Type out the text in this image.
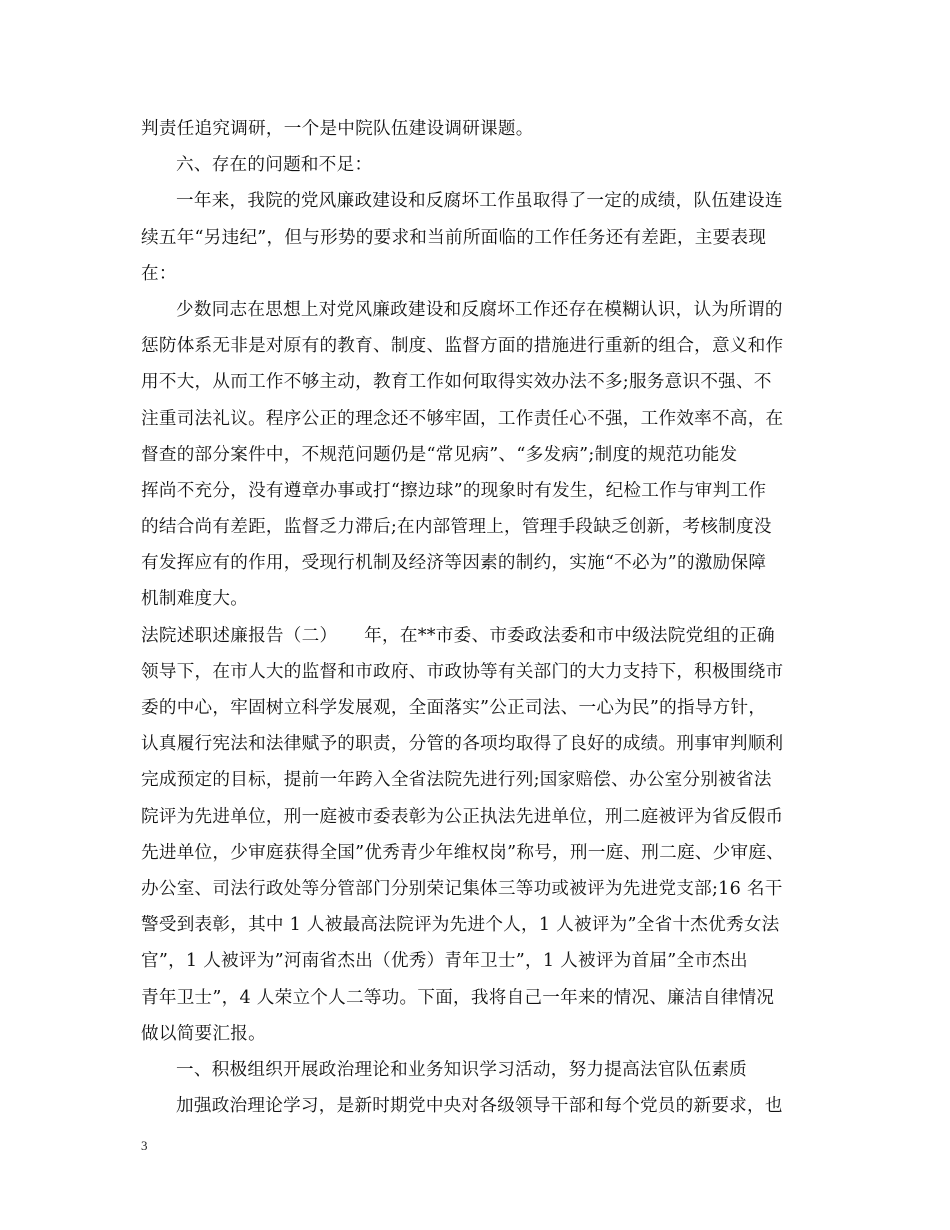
判责任追究调研，一个是中院队伍建设调研课题。
六、存在的问题和不足：
一年来，我院的党风廉政建设和反腐坏工作虽取得了一定的成绩，队伍建设连
续五年“另违纪”，但与形势的要求和当前所面临的工作任务还有差距，主要表现
在：
少数同志在思想上对党风廉政建设和反腐坏工作还存在模糊认识，认为所谓的
惩防体系无非是对原有的教育、制度、监督方面的措施进行重新的组合，意义和作
用不大，从而工作不够主动，教育工作如何取得实效办法不多;服务意识不强、不
注重司法礼议。程序公正的理念还不够牢固，工作责任心不强，工作效率不高，在
督查的部分案件中，不规范问题仍是“常见病”、“多发病”;制度的规范功能发
挥尚不充分，没有遵章办事或打“擦边球”的现象时有发生，纪检工作与审判工作
的结合尚有差距，监督乏力滞后;在内部管理上，管理手段缺乏创新，考核制度没
有发挥应有的作用，受现行机制及经济等因素的制约，实施“不必为”的激励保障
机制难度大。
法院述职述廉报告（二）　　年，在**市委、市委政法委和市中级法院党组的正确
领导下，在市人大的监督和市政府、市政协等有关部门的大力支持下，积极围绕市
委的中心，牢固树立科学发展观，全面落实”公正司法、一心为民”的指导方针，
认真履行宪法和法律赋予的职责，分管的各项均取得了良好的成绩。刑事审判顺利
完成预定的目标，提前一年跨入全省法院先进行列;国家赔偿、办公室分别被省法
院评为先进单位，刑一庭被市委表彰为公正执法先进单位，刑二庭被评为省反假币
先进单位，少审庭获得全国”优秀青少年维权岗”称号，刑一庭、刑二庭、少审庭、
办公室、司法行政处等分管部门分别荣记集体三等功或被评为先进党支部;16 名干
警受到表彰，其中 1 人被最高法院评为先进个人，1 人被评为”全省十杰优秀女法
官”，1 人被评为”河南省杰出（优秀）青年卫士”，1 人被评为首届”全市杰出
青年卫士”，4 人荣立个人二等功。下面，我将自己一年来的情况、廉洁自律情况
做以简要汇报。
一、积极组织开展政治理论和业务知识学习活动，努力提高法官队伍素质
加强政治理论学习，是新时期党中央对各级领导干部和每个党员的新要求，也
3
